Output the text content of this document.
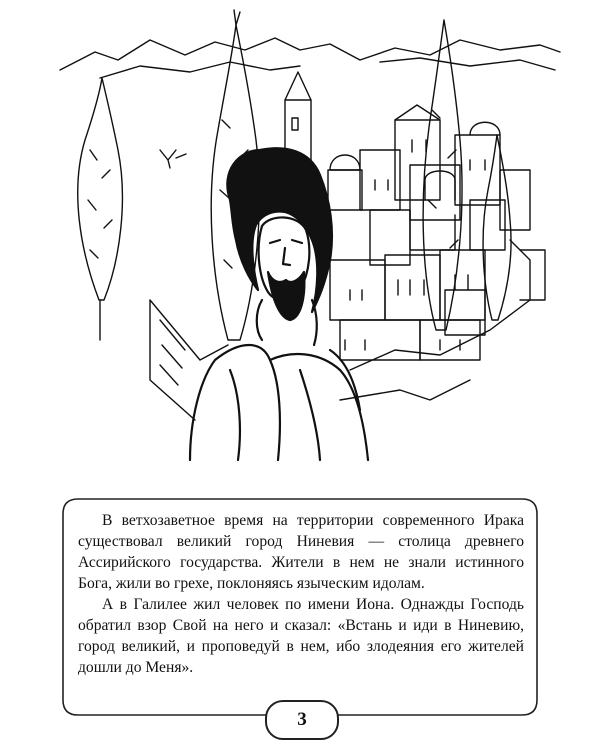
В ветхозаветное время на территории современного Ирака существовал великий город Ниневия — столица древнего Ассирийского государства. Жители в нем не знали истинного Бога, жили во грехе, поклоняясь языческим идолам.

А в Галилее жил человек по имени Иона. Однажды Господь обратил взор Свой на него и сказал: «Встань и иди в Ниневию, город великий, и проповедуй в нем, ибо злодеяния его жителей дошли до Меня».

3
